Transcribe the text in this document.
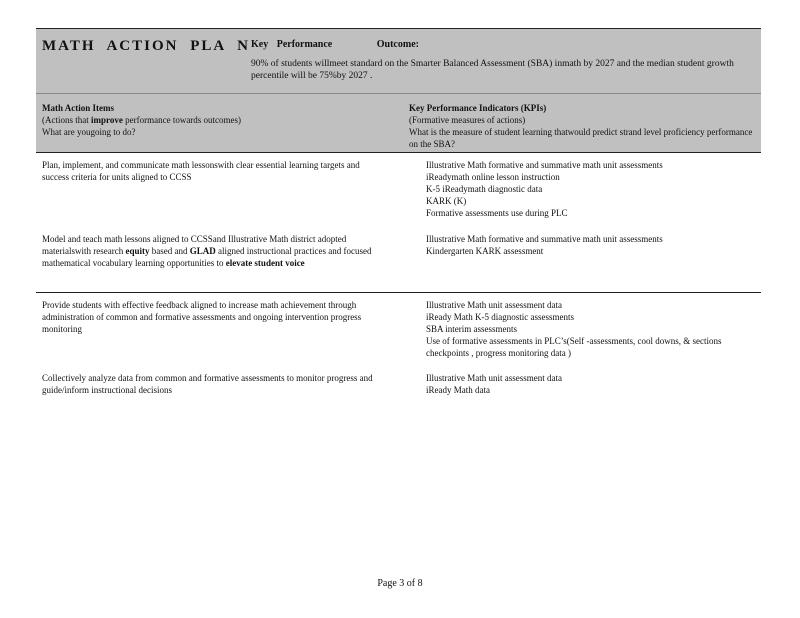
MATH ACTION PLA N Key Performance	Outcome:
90% of students willmeet standard on the Smarter Balanced Assessment (SBA) inmath by 2027 and the median student growth percentile will be 75%by 2027 .
Math Action Items
(Actions that improve performance towards outcomes)
What are yougoing to do?
Key Performance Indicators (KPIs)
(Formative measures of actions)
What is the measure of student learning thatwould predict strand level proficiency performance on the SBA?
Plan, implement, and communicate math lessonswith clear essential learning targets and success criteria for units aligned to CCSS
Illustrative Math formative and summative math unit assessments
iReadymath online lesson instruction
K-5 iReadymath diagnostic data
KARK (K)
Formative assessments use during PLC
Model and teach math lessons aligned to CCSSand Illustrative Math district adopted materialswith research equity based and GLAD aligned instructional practices and focused mathematical vocabulary learning opportunities to elevate student voice
Illustrative Math formative and summative math unit assessments
Kindergarten KARK assessment
Provide students with effective feedback aligned to increase math achievement through administration of common and formative assessments and ongoing intervention progress monitoring
Illustrative Math unit assessment data
iReady Math K-5 diagnostic assessments
SBA interim assessments
Use of formative assessments in PLC’s(Self -assessments, cool downs, & sections checkpoints , progress monitoring data )
Collectively analyze data from common and formative assessments to monitor progress and guide/inform instructional decisions
Illustrative Math unit assessment data
iReady Math data
Page 3 of 8
